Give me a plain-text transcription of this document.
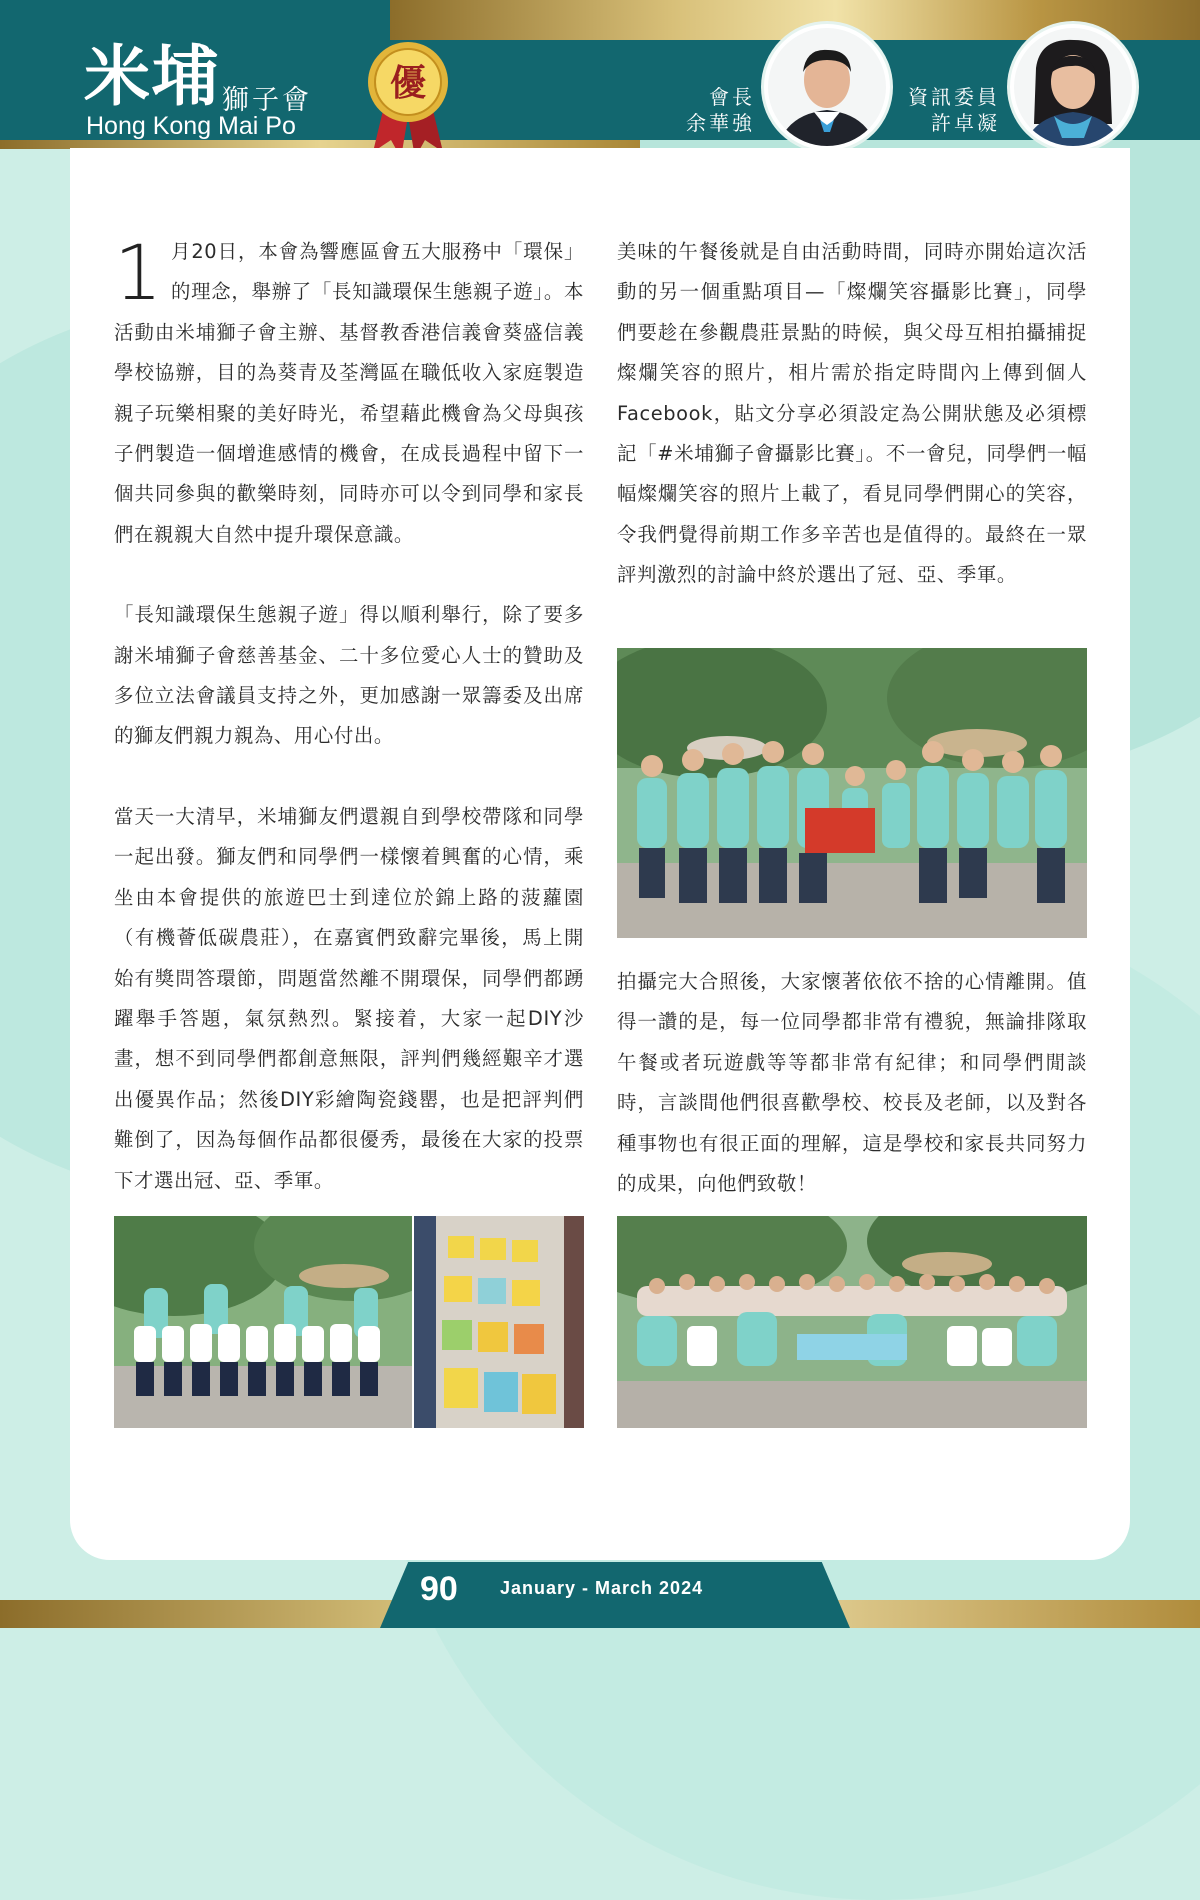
米埔 獅子會
Hong Kong Mai Po
優	會長
余華強
資訊委員
許卓凝

1 月20日，本會為響應區會五大服務中「環保」的理念，舉辦了「長知識環保生態親子遊」。本活動由米埔獅子會主辦、基督教香港信義會葵盛信義學校協辦，目的為葵青及荃灣區在職低收入家庭製造親子玩樂相聚的美好時光，希望藉此機會為父母與孩子們製造一個增進感情的機會，在成長過程中留下一個共同參與的歡樂時刻，同時亦可以令到同學和家長們在親親大自然中提升環保意識。

「長知識環保生態親子遊」得以順利舉行，除了要多謝米埔獅子會慈善基金、二十多位愛心人士的贊助及多位立法會議員支持之外，更加感謝一眾籌委及出席的獅友們親力親為、用心付出。

當天一大清早，米埔獅友們還親自到學校帶隊和同學一起出發。獅友們和同學們一樣懷着興奮的心情，乘坐由本會提供的旅遊巴士到達位於錦上路的菠蘿園（有機薈低碳農莊），在嘉賓們致辭完畢後，馬上開始有獎問答環節，問題當然離不開環保，同學們都踴躍舉手答題，氣氛熱烈。緊接着，大家一起DIY沙畫，想不到同學們都創意無限，評判們幾經艱辛才選出優異作品；然後DIY彩繪陶瓷錢罌，也是把評判們難倒了，因為每個作品都很優秀，最後在大家的投票下才選出冠、亞、季軍。

美味的午餐後就是自由活動時間，同時亦開始這次活動的另一個重點項目—「燦爛笑容攝影比賽」，同學們要趁在參觀農莊景點的時候，與父母互相拍攝捕捉燦爛笑容的照片，相片需於指定時間內上傳到個人Facebook，貼文分享必須設定為公開狀態及必須標記「#米埔獅子會攝影比賽」。不一會兒，同學們一幅幅燦爛笑容的照片上載了，看見同學們開心的笑容，令我們覺得前期工作多辛苦也是值得的。最終在一眾評判激烈的討論中終於選出了冠、亞、季軍。

拍攝完大合照後，大家懷著依依不捨的心情離開。值得一讚的是，每一位同學都非常有禮貌，無論排隊取午餐或者玩遊戲等等都非常有紀律；和同學們閒談時，言談間他們很喜歡學校、校長及老師，以及對各種事物也有很正面的理解，這是學校和家長共同努力的成果，向他們致敬！

90 January - March 2024
